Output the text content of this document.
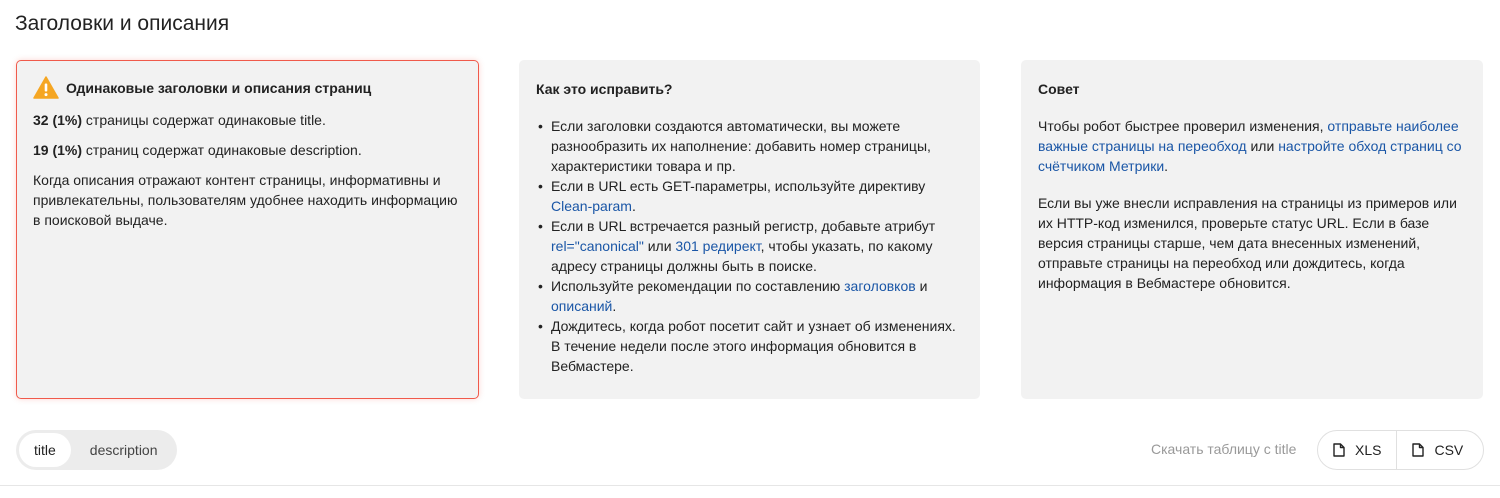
Заголовки и описания
Одинаковые заголовки и описания страниц
32 (1%) страницы содержат одинаковые title.
19 (1%) страниц содержат одинаковые description.
Когда описания отражают контент страницы, информативны и привлекательны, пользователям удобнее находить информацию в поисковой выдаче.
Как это исправить?
• Если заголовки создаются автоматически, вы можете разнообразить их наполнение: добавить номер страницы, характеристики товара и пр.
• Если в URL есть GET-параметры, используйте директиву Clean-param.
• Если в URL встречается разный регистр, добавьте атрибут rel="canonical" или 301 редирект, чтобы указать, по какому адресу страницы должны быть в поиске.
• Используйте рекомендации по составлению заголовков и описаний.
• Дождитесь, когда робот посетит сайт и узнает об изменениях. В течение недели после этого информация обновится в Вебмастере.
Совет
Чтобы робот быстрее проверил изменения, отправьте наиболее важные страницы на переобход или настройте обход страниц со счётчиком Метрики.
Если вы уже внесли исправления на страницы из примеров или их HTTP-код изменился, проверьте статус URL. Если в базе версия страницы старше, чем дата внесенных изменений, отправьте страницы на переобход или дождитесь, когда информация в Вебмастере обновится.
title	description	Скачать таблицу с title	XLS	CSV
